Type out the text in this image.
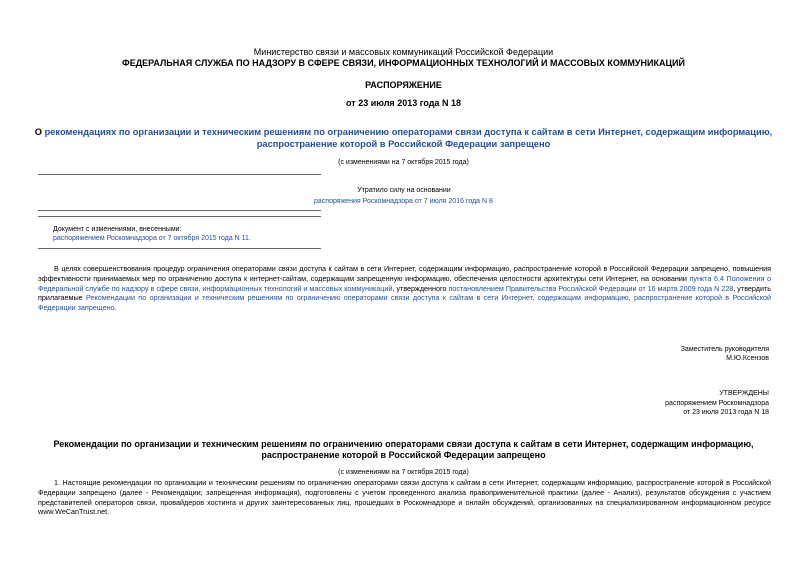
Министерство связи и массовых коммуникаций Российской Федерации
ФЕДЕРАЛЬНАЯ СЛУЖБА ПО НАДЗОРУ В СФЕРЕ СВЯЗИ, ИНФОРМАЦИОННЫХ ТЕХНОЛОГИЙ И МАССОВЫХ КОММУНИКАЦИЙ
РАСПОРЯЖЕНИЕ
от 23 июля 2013 года N 18
О рекомендациях по организации и техническим решениям по ограничению операторами связи доступа к сайтам в сети Интернет, содержащим информацию,
распространение которой в Российской Федерации запрещено
(с изменениями на 7 октября 2015 года)
Утратило силу на основании
распоряжения Роскомнадзора от 7 июля 2016 года N 8
Документ с изменениями, внесенными:
распоряжением Роскомнадзора от 7 октября 2015 года N 11.
В целях совершенствования процедур ограничения операторами связи доступа к сайтам в сети Интернет, содержащим информацию, распространение которой в Российской Федерации запрещено, повышения эффективности принимаемых мер по ограничению доступа к интернет-сайтам, содержащим запрещенную информацию, обеспечения целостности архитектуры сети Интернет, на основании пункта 6.4 Положения о Федеральной службе по надзору в сфере связи, информационных технологий и массовых коммуникаций, утвержденного постановлением Правительства Российской Федерации от 16 марта 2009 года N 228, утвердить прилагаемые Рекомендации по организации и техническим решениям по ограничению операторами связи доступа к сайтам в сети Интернет, содержащим информацию, распространение которой в Российской Федерации запрещено.
Заместитель руководителя
М.Ю.Ксензов
УТВЕРЖДЕНЫ
распоряжением Роскомнадзора
от 23 июля 2013 года N 18
Рекомендации по организации и техническим решениям по ограничению операторами связи доступа к сайтам в сети Интернет, содержащим информацию,
распространение которой в Российской Федерации запрещено
(с изменениями на 7 октября 2015 года)
1. Настоящие рекомендации по организации и техническим решениям по ограничению операторами связи доступа к сайтам в сети Интернет, содержащим информацию, распространение которой в Российской Федерации запрещено (далее - Рекомендации; запрещенная информация), подготовлены с учетом проведенного анализа правоприменительной практики (далее - Анализ), результатов обсуждения с участием представителей операторов связи, провайдеров хостинга и других заинтересованных лиц, прошедших в Роскомнадзоре и онлайн обсуждений, организованных на специализированном информационном ресурсе www.WeCanTrust.net.
